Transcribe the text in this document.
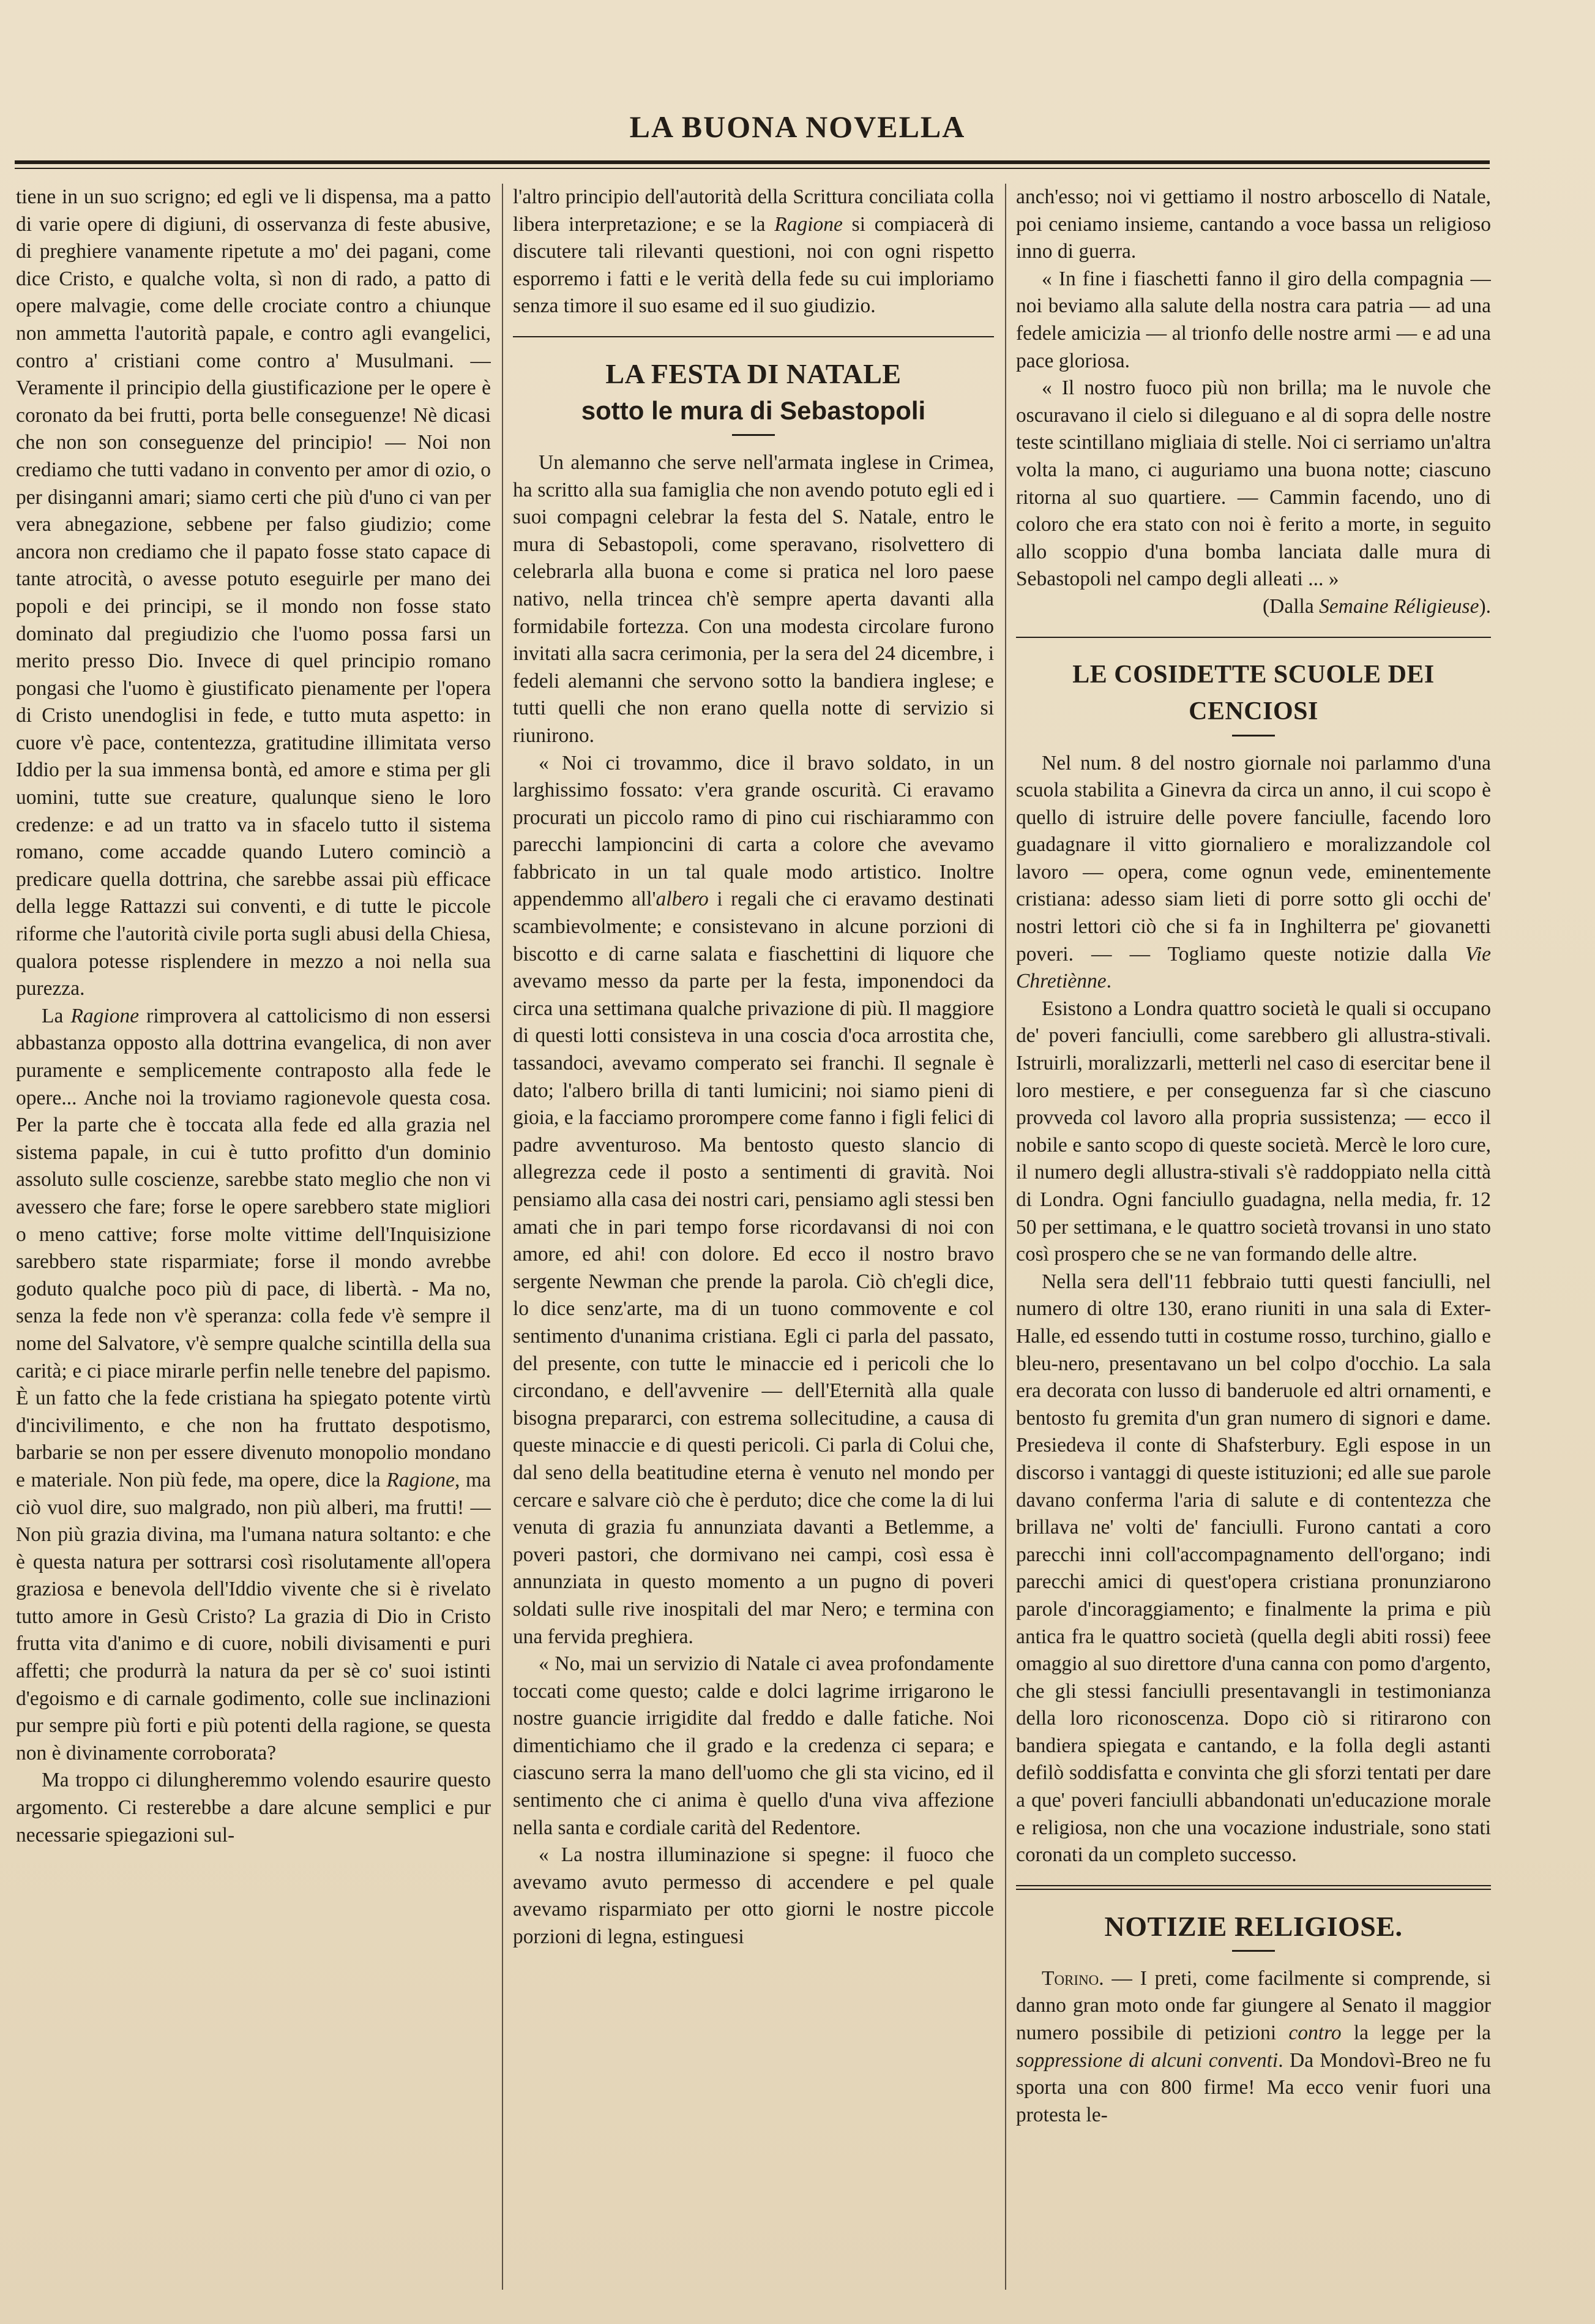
LA BUONA NOVELLA

tiene in un suo scrigno; ed egli ve li dispensa, ma a patto di varie opere di digiuni, di osservanza di feste abusive, di preghiere vanamente ripetute a mo' dei pagani, come dice Cristo, e qualche volta, sì non di rado, a patto di opere malvagie, come delle crociate contro a chiunque non ammetta l'autorità papale, e contro agli evangelici, contro a' cristiani come contro a' Musulmani. — Veramente il principio della giustificazione per le opere è coronato da bei frutti, porta belle conseguenze! Nè dicasi che non son conseguenze del principio! — Noi non crediamo che tutti vadano in convento per amor di ozio, o per disinganni amari; siamo certi che più d'uno ci van per vera abnegazione, sebbene per falso giudizio; come ancora non crediamo che il papato fosse stato capace di tante atrocità, o avesse potuto eseguirle per mano dei popoli e dei principi, se il mondo non fosse stato dominato dal pregiudizio che l'uomo possa farsi un merito presso Dio. Invece di quel principio romano pongasi che l'uomo è giustificato pienamente per l'opera di Cristo unendoglisi in fede, e tutto muta aspetto: in cuore v'è pace, contentezza, gratitudine illimitata verso Iddio per la sua immensa bontà, ed amore e stima per gli uomini, tutte sue creature, qualunque sieno le loro credenze: e ad un tratto va in sfacelo tutto il sistema romano, come accadde quando Lutero cominciò a predicare quella dottrina, che sarebbe assai più efficace della legge Rattazzi sui conventi, e di tutte le piccole riforme che l'autorità civile porta sugli abusi della Chiesa, qualora potesse risplendere in mezzo a noi nella sua purezza.

La Ragione rimprovera al cattolicismo di non essersi abbastanza opposto alla dottrina evangelica, di non aver puramente e semplicemente contraposto alla fede le opere... Anche noi la troviamo ragionevole questa cosa. Per la parte che è toccata alla fede ed alla grazia nel sistema papale, in cui è tutto profitto d'un dominio assoluto sulle coscienze, sarebbe stato meglio che non vi avessero che fare; forse le opere sarebbero state migliori o meno cattive; forse molte vittime dell'Inquisizione sarebbero state risparmiate; forse il mondo avrebbe goduto qualche poco più di pace, di libertà. - Ma no, senza la fede non v'è speranza: colla fede v'è sempre il nome del Salvatore, v'è sempre qualche scintilla della sua carità; e ci piace mirarle perfin nelle tenebre del papismo. È un fatto che la fede cristiana ha spiegato potente virtù d'incivilimento, e che non ha fruttato despotismo, barbarie se non per essere divenuto monopolio mondano e materiale. Non più fede, ma opere, dice la Ragione, ma ciò vuol dire, suo malgrado, non più alberi, ma frutti! — Non più grazia divina, ma l'umana natura soltanto: e che è questa natura per sottrarsi così risolutamente all'opera graziosa e benevola dell'Iddio vivente che si è rivelato tutto amore in Gesù Cristo? La grazia di Dio in Cristo frutta vita d'animo e di cuore, nobili divisamenti e puri affetti; che produrrà la natura da per sè co' suoi istinti d'egoismo e di carnale godimento, colle sue inclinazioni pur sempre più forti e più potenti della ragione, se questa non è divinamente corroborata?

Ma troppo ci dilungheremmo volendo esaurire questo argomento. Ci resterebbe a dare alcune semplici e pur necessarie spiegazioni sul-

l'altro principio dell'autorità della Scrittura conciliata colla libera interpretazione; e se la Ragione si compiacerà di discutere tali rilevanti questioni, noi con ogni rispetto esporremo i fatti e le verità della fede su cui imploriamo senza timore il suo esame ed il suo giudizio.

LA FESTA DI NATALE
sotto le mura di Sebastopoli

Un alemanno che serve nell'armata inglese in Crimea, ha scritto alla sua famiglia che non avendo potuto egli ed i suoi compagni celebrar la festa del S. Natale, entro le mura di Sebastopoli, come speravano, risolvettero di celebrarla alla buona e come si pratica nel loro paese nativo, nella trincea ch'è sempre aperta davanti alla formidabile fortezza. Con una modesta circolare furono invitati alla sacra cerimonia, per la sera del 24 dicembre, i fedeli alemanni che servono sotto la bandiera inglese; e tutti quelli che non erano quella notte di servizio si riunirono.

« Noi ci trovammo, dice il bravo soldato, in un larghissimo fossato: v'era grande oscurità. Ci eravamo procurati un piccolo ramo di pino cui rischiarammo con parecchi lampioncini di carta a colore che avevamo fabbricato in un tal quale modo artistico. Inoltre appendemmo all'albero i regali che ci eravamo destinati scambievolmente; e consistevano in alcune porzioni di biscotto e di carne salata e fiaschettini di liquore che avevamo messo da parte per la festa, imponendoci da circa una settimana qualche privazione di più. Il maggiore di questi lotti consisteva in una coscia d'oca arrostita che, tassandoci, avevamo comperato sei franchi. Il segnale è dato; l'albero brilla di tanti lumicini; noi siamo pieni di gioia, e la facciamo prorompere come fanno i figli felici di padre avventuroso. Ma bentosto questo slancio di allegrezza cede il posto a sentimenti di gravità. Noi pensiamo alla casa dei nostri cari, pensiamo agli stessi ben amati che in pari tempo forse ricordavansi di noi con amore, ed ahi! con dolore. Ed ecco il nostro bravo sergente Newman che prende la parola. Ciò ch'egli dice, lo dice senz'arte, ma di un tuono commovente e col sentimento d'unanima cristiana. Egli ci parla del passato, del presente, con tutte le minaccie ed i pericoli che lo circondano, e dell'avvenire — dell'Eternità alla quale bisogna prepararci, con estrema sollecitudine, a causa di queste minaccie e di questi pericoli. Ci parla di Colui che, dal seno della beatitudine eterna è venuto nel mondo per cercare e salvare ciò che è perduto; dice che come la di lui venuta di grazia fu annunziata davanti a Betlemme, a poveri pastori, che dormivano nei campi, così essa è annunziata in questo momento a un pugno di poveri soldati sulle rive inospitali del mar Nero; e termina con una fervida preghiera.

« No, mai un servizio di Natale ci avea profondamente toccati come questo; calde e dolci lagrime irrigarono le nostre guancie irrigidite dal freddo e dalle fatiche. Noi dimentichiamo che il grado e la credenza ci separa; e ciascuno serra la mano dell'uomo che gli sta vicino, ed il sentimento che ci anima è quello d'una viva affezione nella santa e cordiale carità del Redentore.

« La nostra illuminazione si spegne: il fuoco che avevamo avuto permesso di accendere e pel quale avevamo risparmiato per otto giorni le nostre piccole porzioni di legna, estinguesi

anch'esso; noi vi gettiamo il nostro arboscello di Natale, poi ceniamo insieme, cantando a voce bassa un religioso inno di guerra.

« In fine i fiaschetti fanno il giro della compagnia — noi beviamo alla salute della nostra cara patria — ad una fedele amicizia — al trionfo delle nostre armi — e ad una pace gloriosa.

« Il nostro fuoco più non brilla; ma le nuvole che oscuravano il cielo si dileguano e al di sopra delle nostre teste scintillano migliaia di stelle. Noi ci serriamo un'altra volta la mano, ci auguriamo una buona notte; ciascuno ritorna al suo quartiere. — Cammin facendo, uno di coloro che era stato con noi è ferito a morte, in seguito allo scoppio d'una bomba lanciata dalle mura di Sebastopoli nel campo degli alleati ... »

(Dalla Semaine Réligieuse).

LE COSIDETTE SCUOLE DEI CENCIOSI

Nel num. 8 del nostro giornale noi parlammo d'una scuola stabilita a Ginevra da circa un anno, il cui scopo è quello di istruire delle povere fanciulle, facendo loro guadagnare il vitto giornaliero e moralizzandole col lavoro — opera, come ognun vede, eminentemente cristiana: adesso siam lieti di porre sotto gli occhi de' nostri lettori ciò che si fa in Inghilterra pe' giovanetti poveri. — — Togliamo queste notizie dalla Vie Chretiènne.

Esistono a Londra quattro società le quali si occupano de' poveri fanciulli, come sarebbero gli allustra-stivali. Istruirli, moralizzarli, metterli nel caso di esercitar bene il loro mestiere, e per conseguenza far sì che ciascuno provveda col lavoro alla propria sussistenza; — ecco il nobile e santo scopo di queste società. Mercè le loro cure, il numero degli allustra-stivali s'è raddoppiato nella città di Londra. Ogni fanciullo guadagna, nella media, fr. 12 50 per settimana, e le quattro società trovansi in uno stato così prospero che se ne van formando delle altre.

Nella sera dell'11 febbraio tutti questi fanciulli, nel numero di oltre 130, erano riuniti in una sala di Exter-Halle, ed essendo tutti in costume rosso, turchino, giallo e bleu-nero, presentavano un bel colpo d'occhio. La sala era decorata con lusso di banderuole ed altri ornamenti, e bentosto fu gremita d'un gran numero di signori e dame. Presiedeva il conte di Shafsterbury. Egli espose in un discorso i vantaggi di queste istituzioni; ed alle sue parole davano conferma l'aria di salute e di contentezza che brillava ne' volti de' fanciulli. Furono cantati a coro parecchi inni coll'accompagnamento dell'organo; indi parecchi amici di quest'opera cristiana pronunziarono parole d'incoraggiamento; e finalmente la prima e più antica fra le quattro società (quella degli abiti rossi) feee omaggio al suo direttore d'una canna con pomo d'argento, che gli stessi fanciulli presentavangli in testimonianza della loro riconoscenza. Dopo ciò si ritirarono con bandiera spiegata e cantando, e la folla degli astanti defilò soddisfatta e convinta che gli sforzi tentati per dare a que' poveri fanciulli abbandonati un'educazione morale e religiosa, non che una vocazione industriale, sono stati coronati da un completo successo.

NOTIZIE RELIGIOSE.

Torino. — I preti, come facilmente si comprende, si danno gran moto onde far giungere al Senato il maggior numero possibile di petizioni contro la legge per la soppressione di alcuni conventi. Da Mondovì-Breo ne fu sporta una con 800 firme! Ma ecco venir fuori una protesta le-
